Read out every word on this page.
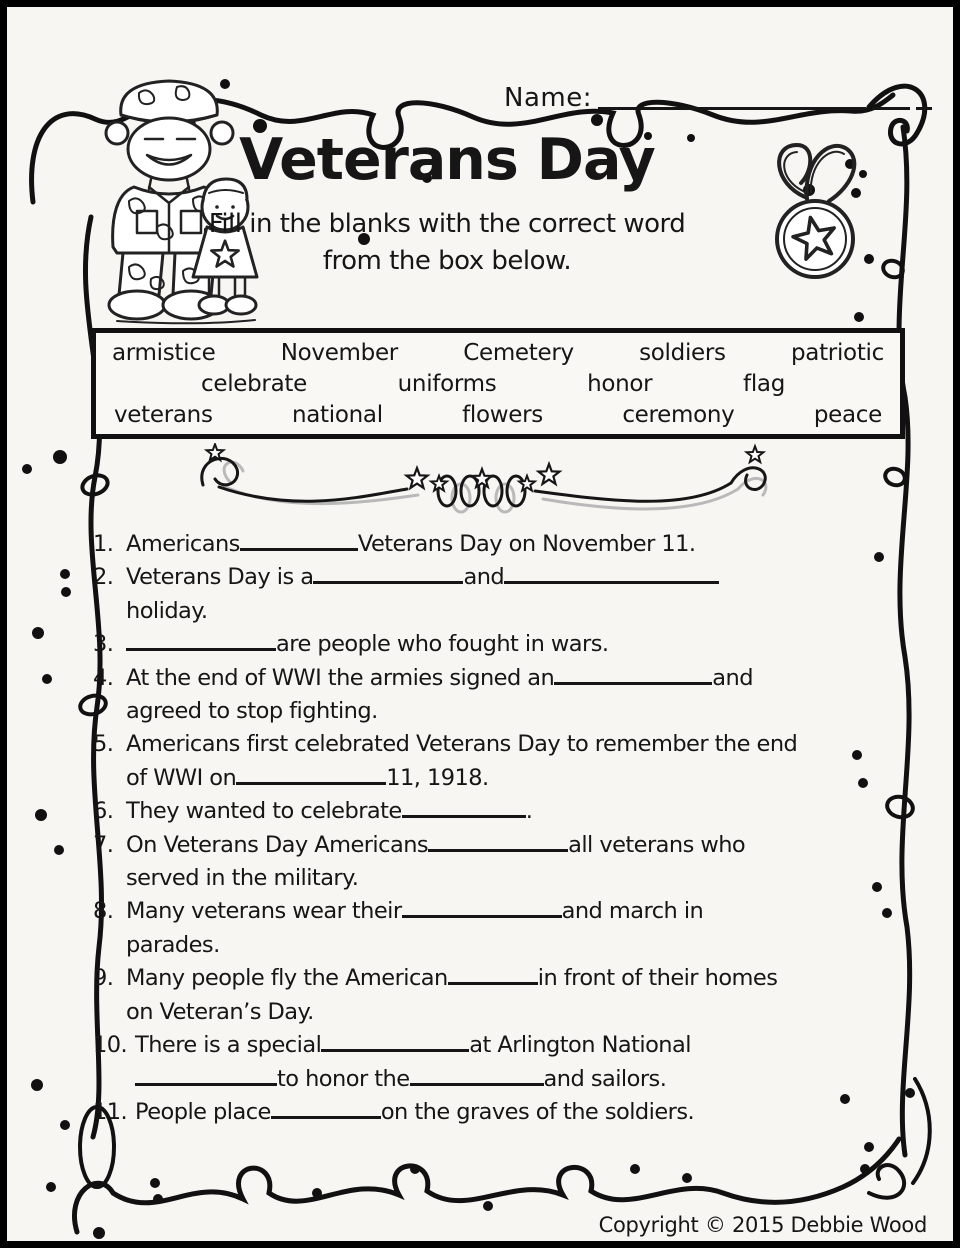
Name:
Veterans Day
Fill in the blanks with the correct word
from the box below.
armistice	November	Cemetery	soldiers	patriotic
celebrate	uniforms	honor	flag
veterans	national	flowers	ceremony	peace
1. Americans	Veterans Day on November 11.
2. Veterans Day is a	and
holiday.
3.	are people who fought in wars.
4. At the end of WWI the armies signed an	and
agreed to stop fighting.
5. Americans first celebrated Veterans Day to remember the end
of WWI on	11, 1918.
6. They wanted to celebrate	.
7. On Veterans Day Americans	all veterans who
served in the military.
8. Many veterans wear their	and march in
parades.
9. Many people fly the American	in front of their homes
on Veteran’s Day.
10. There is a special	at Arlington National
to honor the	and sailors.
11. People place	on the graves of the soldiers.
Copyright © 2015 Debbie Wood
